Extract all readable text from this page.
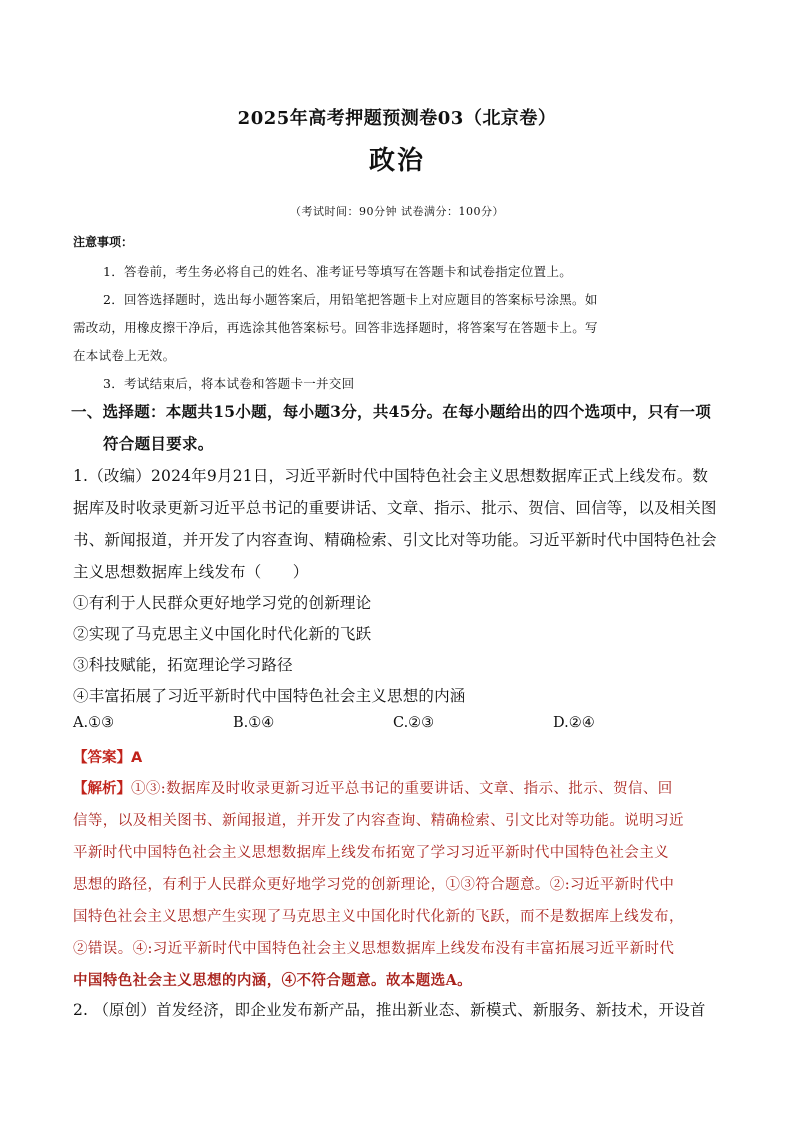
2025年高考押题预测卷03（北京卷）
政治
（考试时间：90分钟 试卷满分：100分）
注意事项：
1．答卷前，考生务必将自己的姓名、准考证号等填写在答题卡和试卷指定位置上。
2．回答选择题时，选出每小题答案后，用铅笔把答题卡上对应题目的答案标号涂黑。如
需改动，用橡皮擦干净后，再选涂其他答案标号。回答非选择题时，将答案写在答题卡上。写
在本试卷上无效。
3．考试结束后，将本试卷和答题卡一并交回
一、选择题：本题共15小题，每小题3分，共45分。在每小题给出的四个选项中，只有一项
符合题目要求。
1.（改编）2024年9月21日，习近平新时代中国特色社会主义思想数据库正式上线发布。数
据库及时收录更新习近平总书记的重要讲话、文章、指示、批示、贺信、回信等，以及相关图
书、新闻报道，并开发了内容查询、精确检索、引文比对等功能。习近平新时代中国特色社会
主义思想数据库上线发布（　　）
①有利于人民群众更好地学习党的创新理论
②实现了马克思主义中国化时代化新的飞跃
③科技赋能，拓宽理论学习路径
④丰富拓展了习近平新时代中国特色社会主义思想的内涵
A.①③	B.①④	C.②③	D.②④
【答案】A
【解析】①③:数据库及时收录更新习近平总书记的重要讲话、文章、指示、批示、贺信、回
信等，以及相关图书、新闻报道，并开发了内容查询、精确检索、引文比对等功能。说明习近
平新时代中国特色社会主义思想数据库上线发布拓宽了学习习近平新时代中国特色社会主义
思想的路径，有利于人民群众更好地学习党的创新理论，①③符合题意。②:习近平新时代中
国特色社会主义思想产生实现了马克思主义中国化时代化新的飞跃，而不是数据库上线发布，
②错误。④:习近平新时代中国特色社会主义思想数据库上线发布没有丰富拓展习近平新时代
中国特色社会主义思想的内涵，④不符合题意。故本题选A。
2. （原创）首发经济，即企业发布新产品，推出新业态、新模式、新服务、新技术，开设首
